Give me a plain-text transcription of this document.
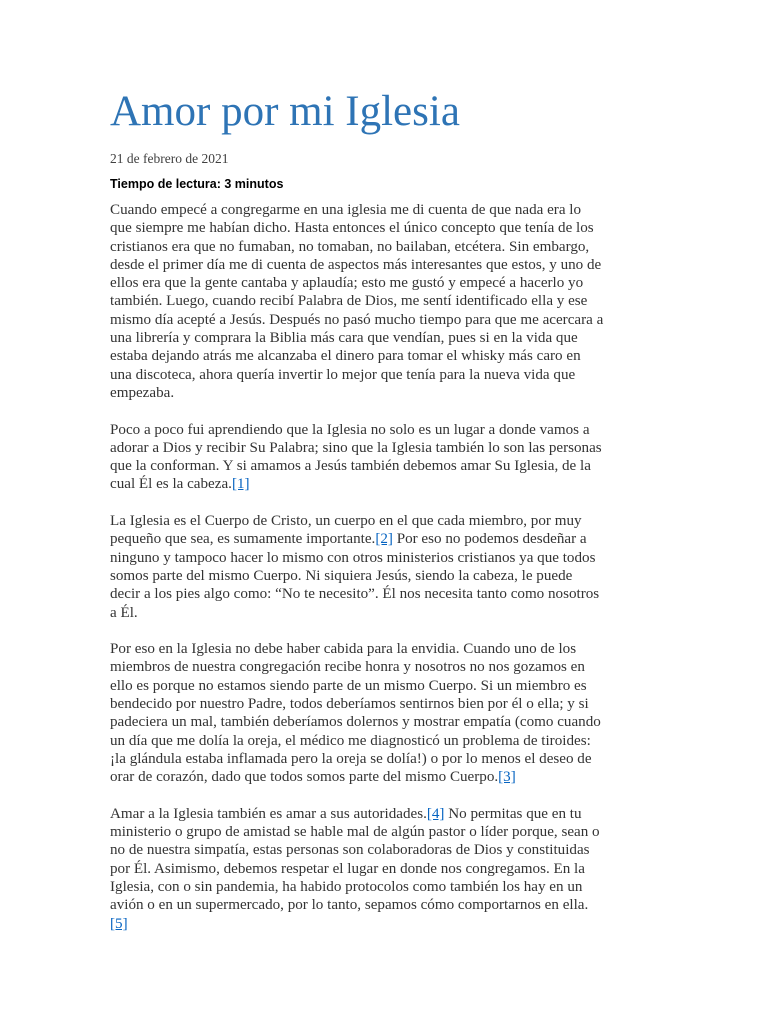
Amor por mi Iglesia
21 de febrero de 2021
Tiempo de lectura: 3 minutos
Cuando empecé a congregarme en una iglesia me di cuenta de que nada era lo
que siempre me habían dicho. Hasta entonces el único concepto que tenía de los
cristianos era que no fumaban, no tomaban, no bailaban, etcétera. Sin embargo,
desde el primer día me di cuenta de aspectos más interesantes que estos, y uno de
ellos era que la gente cantaba y aplaudía; esto me gustó y empecé a hacerlo yo
también. Luego, cuando recibí Palabra de Dios, me sentí identificado ella y ese
mismo día acepté a Jesús. Después no pasó mucho tiempo para que me acercara a
una librería y comprara la Biblia más cara que vendían, pues si en la vida que
estaba dejando atrás me alcanzaba el dinero para tomar el whisky más caro en
una discoteca, ahora quería invertir lo mejor que tenía para la nueva vida que
empezaba.
Poco a poco fui aprendiendo que la Iglesia no solo es un lugar a donde vamos a
adorar a Dios y recibir Su Palabra; sino que la Iglesia también lo son las personas
que la conforman. Y si amamos a Jesús también debemos amar Su Iglesia, de la
cual Él es la cabeza.[1]
La Iglesia es el Cuerpo de Cristo, un cuerpo en el que cada miembro, por muy
pequeño que sea, es sumamente importante.[2] Por eso no podemos desdeñar a
ninguno y tampoco hacer lo mismo con otros ministerios cristianos ya que todos
somos parte del mismo Cuerpo. Ni siquiera Jesús, siendo la cabeza, le puede
decir a los pies algo como: “No te necesito”. Él nos necesita tanto como nosotros
a Él.
Por eso en la Iglesia no debe haber cabida para la envidia. Cuando uno de los
miembros de nuestra congregación recibe honra y nosotros no nos gozamos en
ello es porque no estamos siendo parte de un mismo Cuerpo. Si un miembro es
bendecido por nuestro Padre, todos deberíamos sentirnos bien por él o ella; y si
padeciera un mal, también deberíamos dolernos y mostrar empatía (como cuando
un día que me dolía la oreja, el médico me diagnosticó un problema de tiroides:
¡la glándula estaba inflamada pero la oreja se dolía!) o por lo menos el deseo de
orar de corazón, dado que todos somos parte del mismo Cuerpo.[3]
Amar a la Iglesia también es amar a sus autoridades.[4] No permitas que en tu
ministerio o grupo de amistad se hable mal de algún pastor o líder porque, sean o
no de nuestra simpatía, estas personas son colaboradoras de Dios y constituidas
por Él. Asimismo, debemos respetar el lugar en donde nos congregamos. En la
Iglesia, con o sin pandemia, ha habido protocolos como también los hay en un
avión o en un supermercado, por lo tanto, sepamos cómo comportarnos en ella.
[5]
